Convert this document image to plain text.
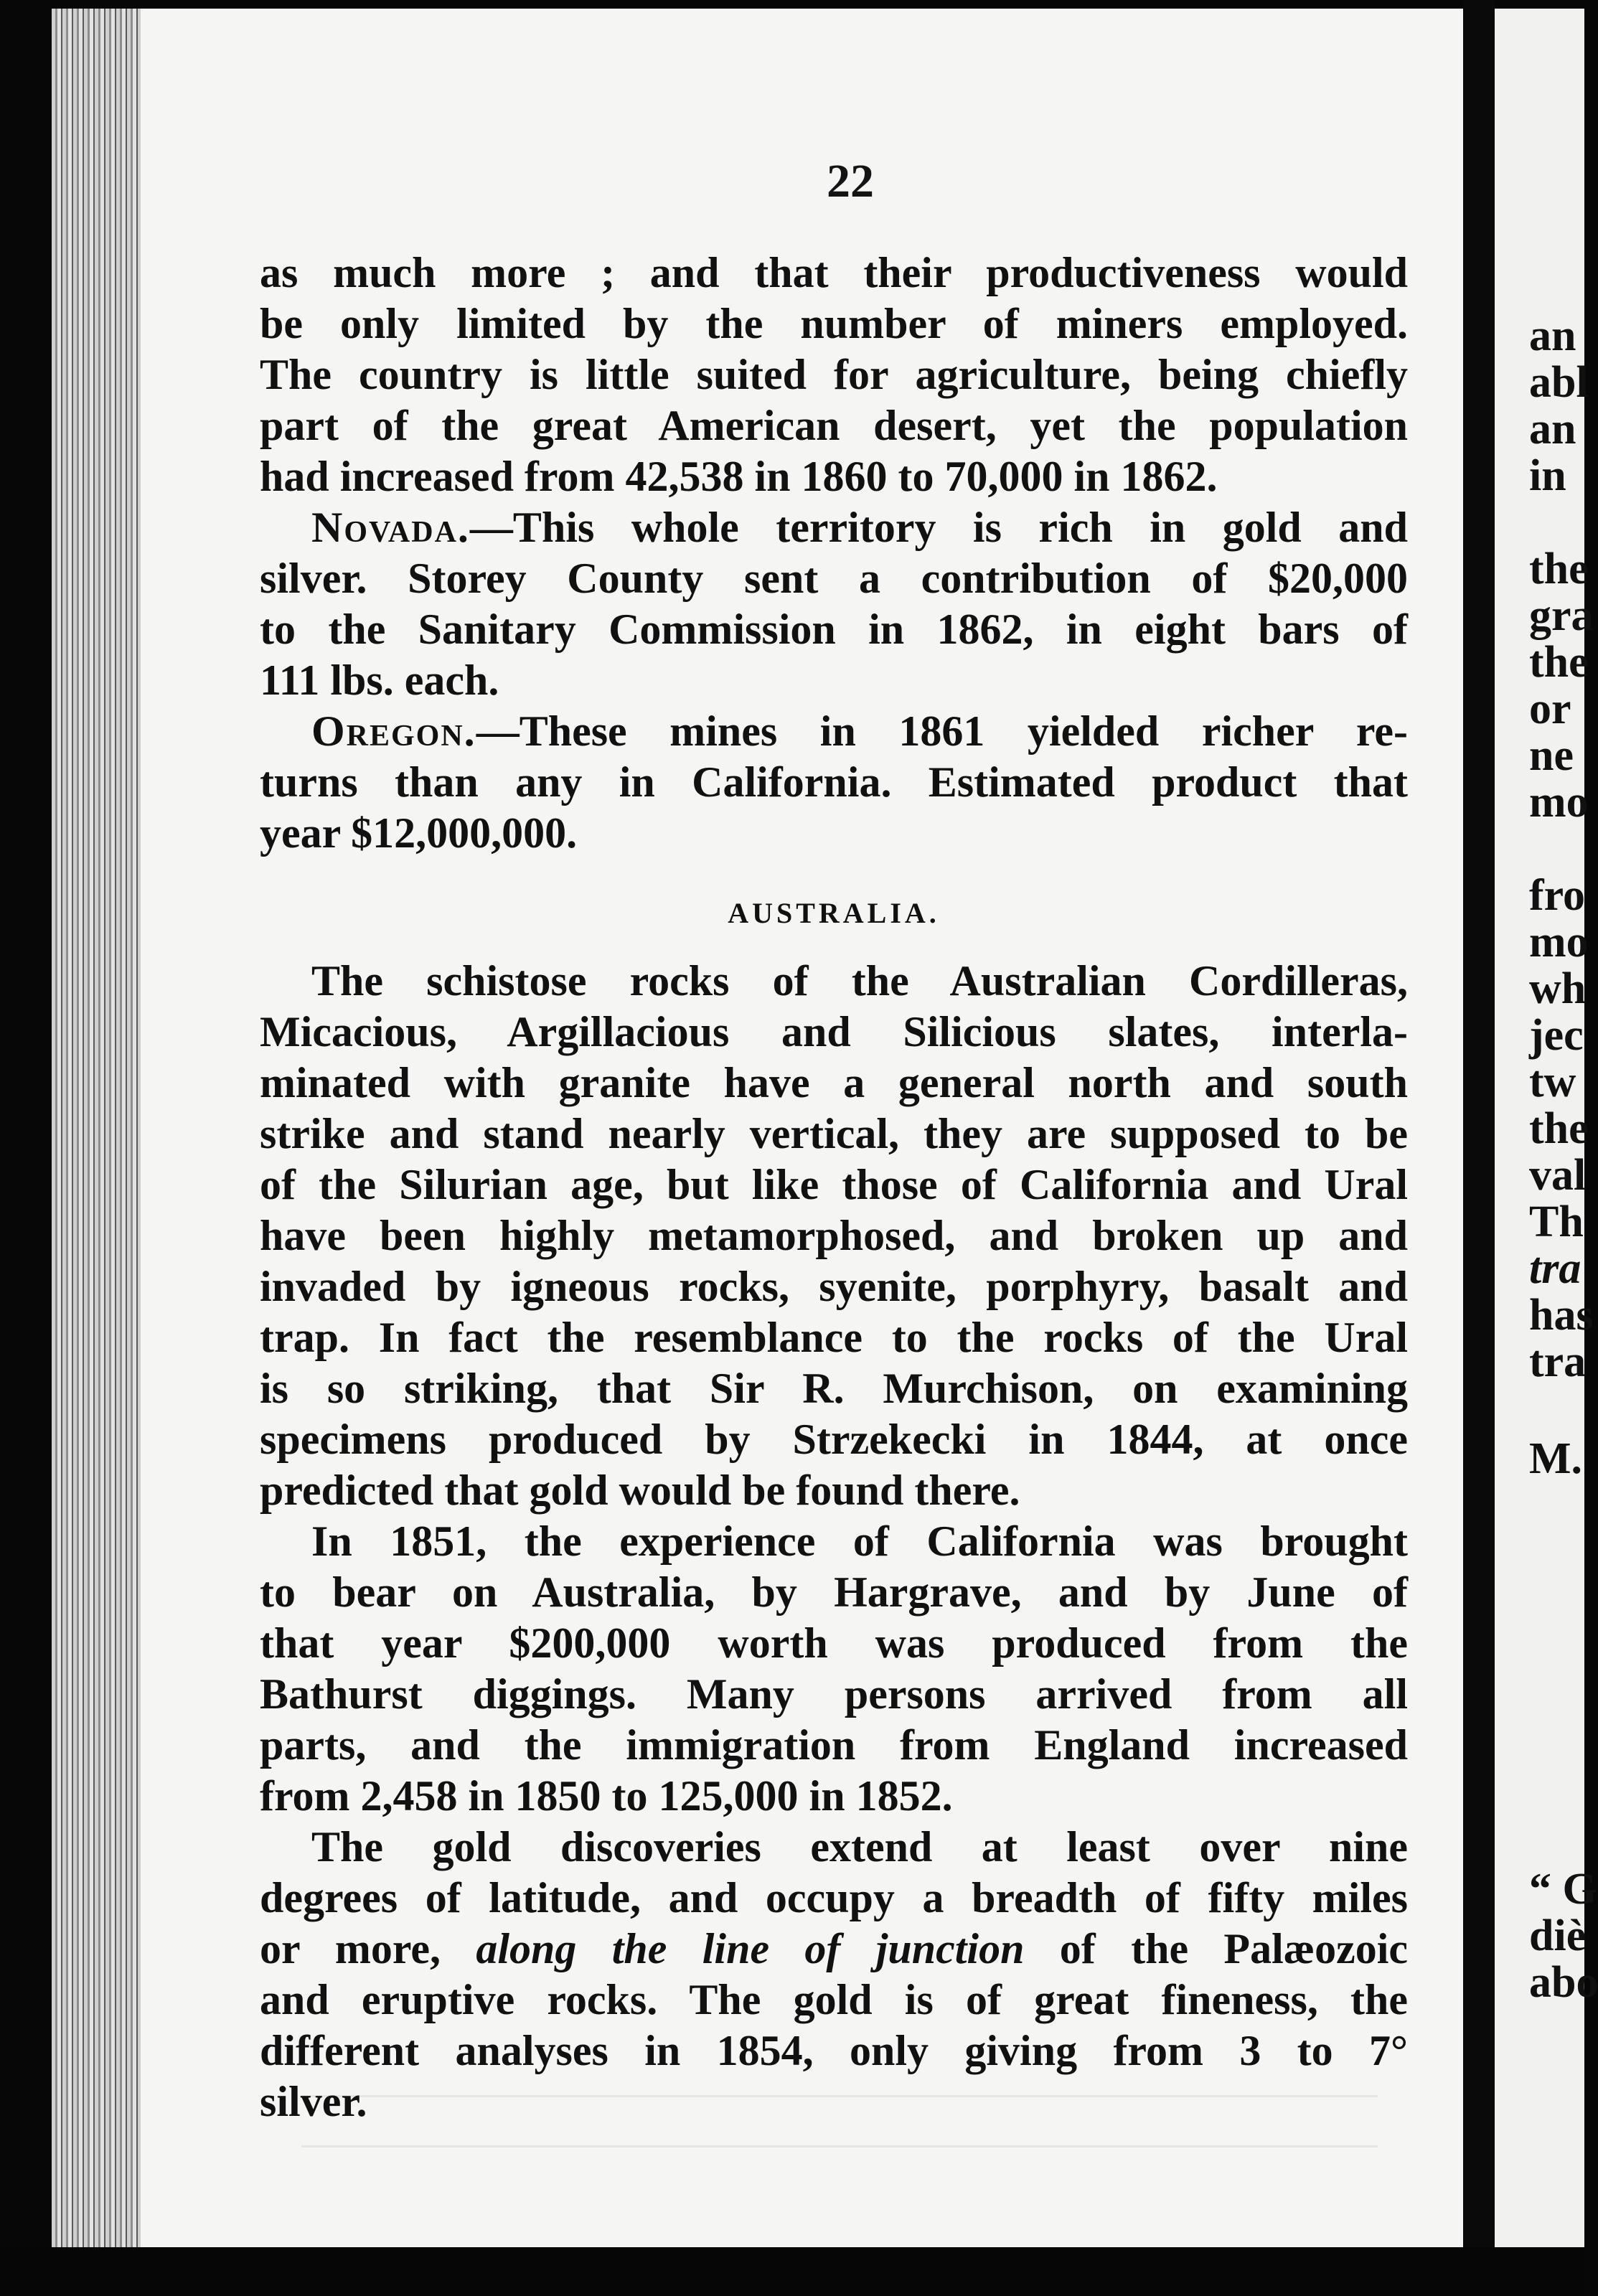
an
abl
an
in
the
gra
the
or
ne
mo
fro
mo
wh
jec
tw
the
val
Th
tra
has
tra
M.
“ G
diè
abo
22
as much more ; and that their productiveness would
be only limited by the number of miners employed.
The country is little suited for agriculture, being chiefly
part of the great American desert, yet the population
had increased from 42,538 in 1860 to 70,000 in 1862.
Novada.—This whole territory is rich in gold and
silver. Storey County sent a contribution of $20,000
to the Sanitary Commission in 1862, in eight bars of
111 lbs. each.
Oregon.—These mines in 1861 yielded richer re-
turns than any in California. Estimated product that
year $12,000,000.
AUSTRALIA.
The schistose rocks of the Australian Cordilleras,
Micacious, Argillacious and Silicious slates, interla-
minated with granite have a general north and south
strike and stand nearly vertical, they are supposed to be
of the Silurian age, but like those of California and Ural
have been highly metamorphosed, and broken up and
invaded by igneous rocks, syenite, porphyry, basalt and
trap. In fact the resemblance to the rocks of the Ural
is so striking, that Sir R. Murchison, on examining
specimens produced by Strzekecki in 1844, at once
predicted that gold would be found there.
In 1851, the experience of California was brought
to bear on Australia, by Hargrave, and by June of
that year $200,000 worth was produced from the
Bathurst diggings. Many persons arrived from all
parts, and the immigration from England increased
from 2,458 in 1850 to 125,000 in 1852.
The gold discoveries extend at least over nine
degrees of latitude, and occupy a breadth of fifty miles
or more, along the line of junction of the Palæozoic
and eruptive rocks. The gold is of great fineness, the
different analyses in 1854, only giving from 3 to 7°
silver.
